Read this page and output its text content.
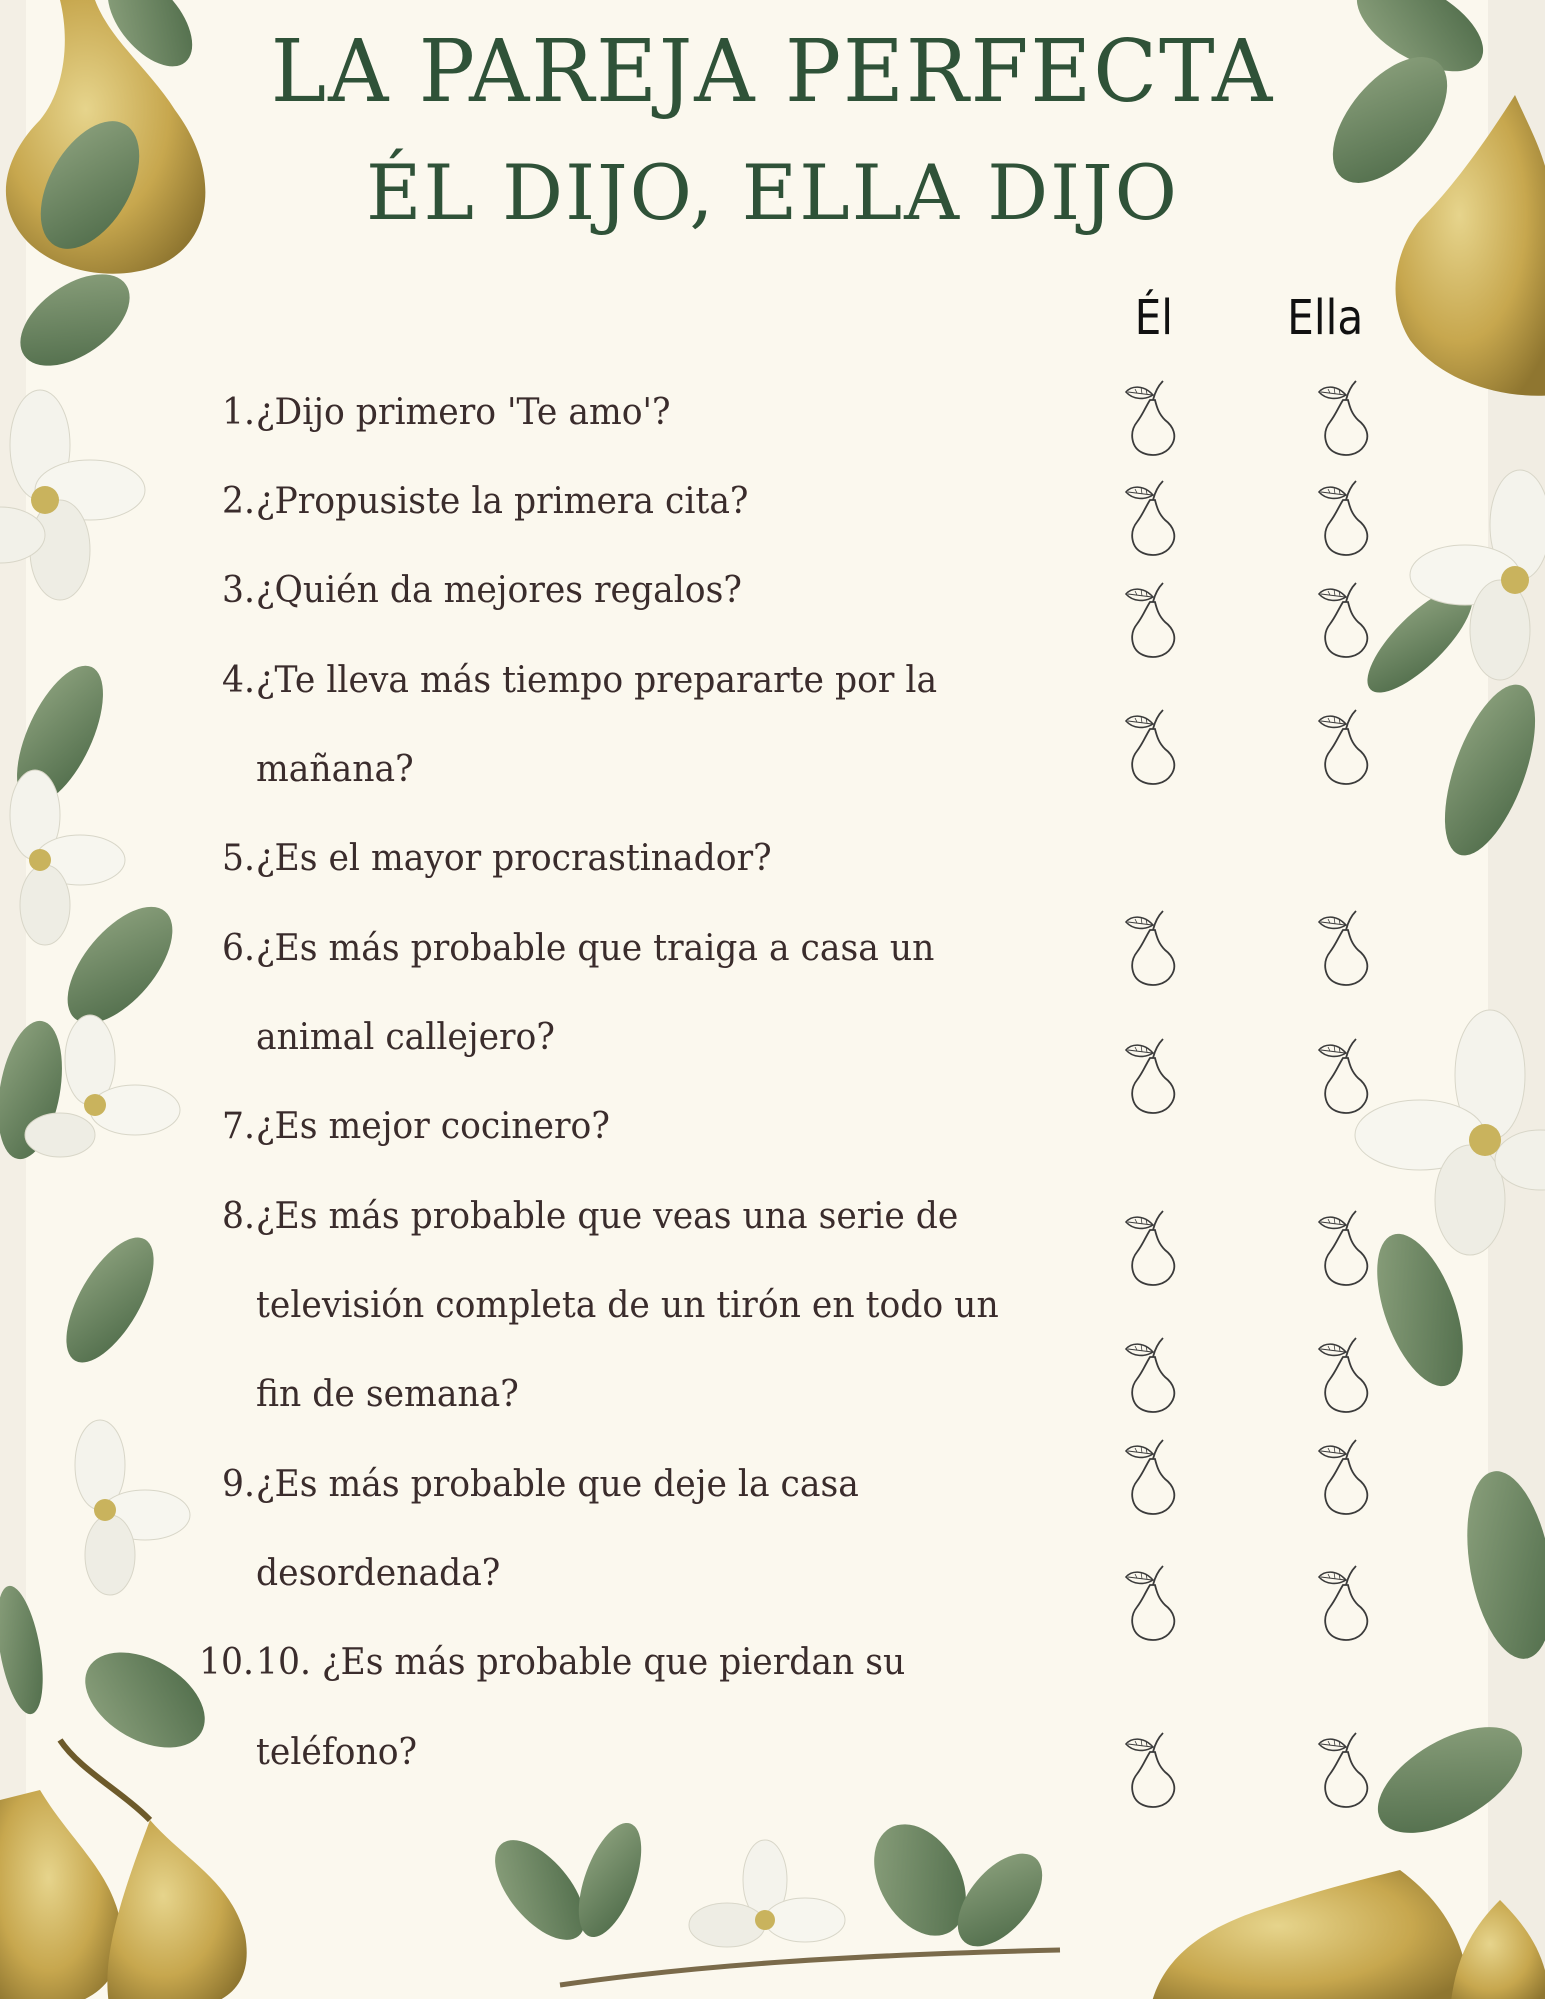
LA PAREJA PERFECTA
ÉL DIJO, ELLA DIJO
Él Ella
1. ¿Dijo primero 'Te amo'?
2. ¿Propusiste la primera cita?
3. ¿Quién da mejores regalos?
4. ¿Te lleva más tiempo prepararte por la
mañana?
5. ¿Es el mayor procrastinador?
6. ¿Es más probable que traiga a casa un
animal callejero?
7. ¿Es mejor cocinero?
8. ¿Es más probable que veas una serie de
televisión completa de un tirón en todo un
fin de semana?
9. ¿Es más probable que deje la casa
desordenada?
10. 10. ¿Es más probable que pierdan su
teléfono?
